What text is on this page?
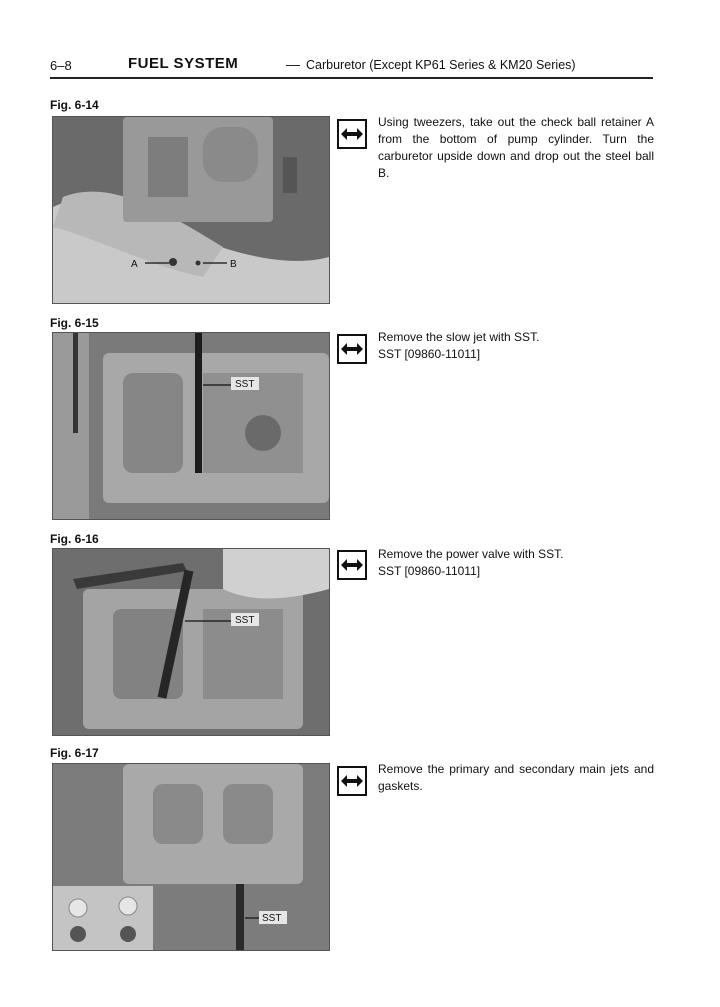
6–8	FUEL SYSTEM	— Carburetor (Except KP61 Series & KM20 Series)
Fig. 6-14
A	B

Using tweezers, take out the check ball retainer A from the bottom of pump cylinder. Turn the carburetor upside down and drop out the steel ball B.

Fig. 6-15
SST

Remove the slow jet with SST.

SST [09860-11011]

Fig. 6-16
SST

Remove the power valve with SST.

SST [09860-11011]

Fig. 6-17
SST

Remove the primary and secondary main jets and gaskets.
